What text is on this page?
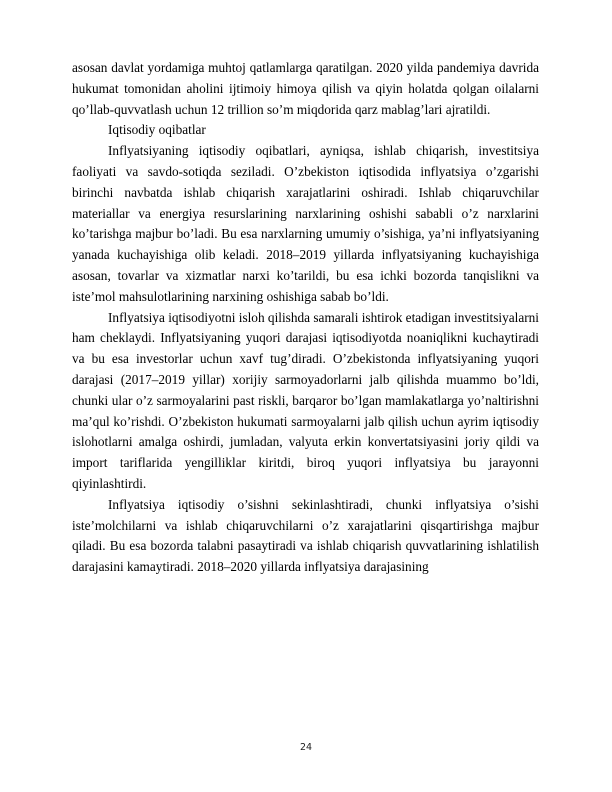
asosan davlat yordamiga muhtoj qatlamlarga qaratilgan. 2020 yilda pandemiya davrida hukumat tomonidan aholini ijtimoiy himoya qilish va qiyin holatda qolgan oilalarni qo’llab-quvvatlash uchun 12 trillion so’m miqdorida qarz mablag’lari ajratildi.

Iqtisodiy oqibatlar

Inflyatsiyaning iqtisodiy oqibatlari, ayniqsa, ishlab chiqarish, investitsiya faoliyati va savdo-sotiqda seziladi. O’zbekiston iqtisodida inflyatsiya o’zgarishi birinchi navbatda ishlab chiqarish xarajatlarini oshiradi. Ishlab chiqaruvchilar materiallar va energiya resurslarining narxlarining oshishi sababli o’z narxlarini ko’tarishga majbur bo’ladi. Bu esa narxlarning umumiy o’sishiga, ya’ni inflyatsiyaning yanada kuchayishiga olib keladi. 2018–2019 yillarda inflyatsiyaning kuchayishiga asosan, tovarlar va xizmatlar narxi ko’tarildi, bu esa ichki bozorda tanqislikni va iste’mol mahsulotlarining narxining oshishiga sabab bo’ldi.

Inflyatsiya iqtisodiyotni isloh qilishda samarali ishtirok etadigan investitsiyalarni ham cheklaydi. Inflyatsiyaning yuqori darajasi iqtisodiyotda noaniqlikni kuchaytiradi va bu esa investorlar uchun xavf tug’diradi. O’zbekistonda inflyatsiyaning yuqori darajasi (2017–2019 yillar) xorijiy sarmoyadorlarni jalb qilishda muammo bo’ldi, chunki ular o’z sarmoyalarini past riskli, barqaror bo’lgan mamlakatlarga yo’naltirishni ma’qul ko’rishdi. O’zbekiston hukumati sarmoyalarni jalb qilish uchun ayrim iqtisodiy islohotlarni amalga oshirdi, jumladan, valyuta erkin konvertatsiyasini joriy qildi va import tariflarida yengilliklar kiritdi, biroq yuqori inflyatsiya bu jarayonni qiyinlashtirdi.

Inflyatsiya iqtisodiy o’sishni sekinlashtiradi, chunki inflyatsiya o’sishi iste’molchilarni va ishlab chiqaruvchilarni o’z xarajatlarini qisqartirishga majbur qiladi. Bu esa bozorda talabni pasaytiradi va ishlab chiqarish quvvatlarining ishlatilish darajasini kamaytiradi. 2018–2020 yillarda inflyatsiya darajasining

24
